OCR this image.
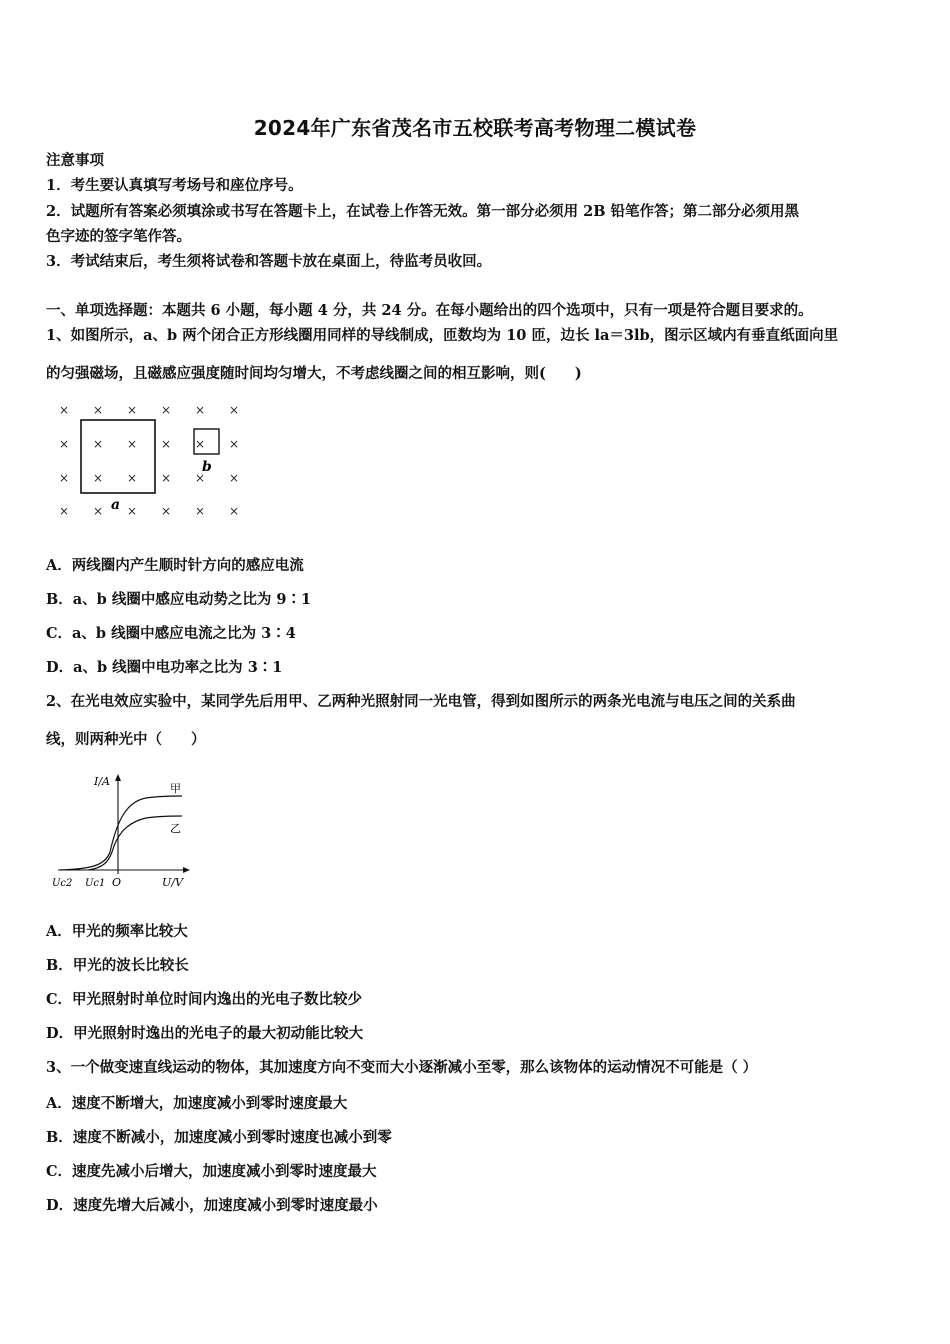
2024年广东省茂名市五校联考高考物理二模试卷
注意事项
1．考生要认真填写考场号和座位序号。
2．试题所有答案必须填涂或书写在答题卡上，在试卷上作答无效。第一部分必须用 2B 铅笔作答；第二部分必须用黑
色字迹的签字笔作答。
3．考试结束后，考生须将试卷和答题卡放在桌面上，待监考员收回。
一、单项选择题：本题共 6 小题，每小题 4 分，共 24 分。在每小题给出的四个选项中，只有一项是符合题目要求的。
1、如图所示，a、b 两个闭合正方形线圈用同样的导线制成，匝数均为 10 匝，边长 la＝3lb，图示区域内有垂直纸面向里
的匀强磁场，且磁感应强度随时间均匀增大，不考虑线圈之间的相互影响，则(　　)
× × × × × ×
× × × × × ×
× × × × × ×
× × × × × ×
a
b
A．两线圈内产生顺时针方向的感应电流
B．a、b 线圈中感应电动势之比为 9∶1
C．a、b 线圈中感应电流之比为 3∶4
D．a、b 线圈中电功率之比为 3∶1
2、在光电效应实验中，某同学先后用甲、乙两种光照射同一光电管，得到如图所示的两条光电流与电压之间的关系曲
线，则两种光中（　　）
I/A
甲
乙
Uc2 Uc1 O	U/V
A．甲光的频率比较大
B．甲光的波长比较长
C．甲光照射时单位时间内逸出的光电子数比较少
D．甲光照射时逸出的光电子的最大初动能比较大
3、一个做变速直线运动的物体，其加速度方向不变而大小逐渐减小至零，那么该物体的运动情况不可能是（ ）
A．速度不断增大，加速度减小到零时速度最大
B．速度不断减小，加速度减小到零时速度也减小到零
C．速度先减小后增大，加速度减小到零时速度最大
D．速度先增大后减小，加速度减小到零时速度最小
